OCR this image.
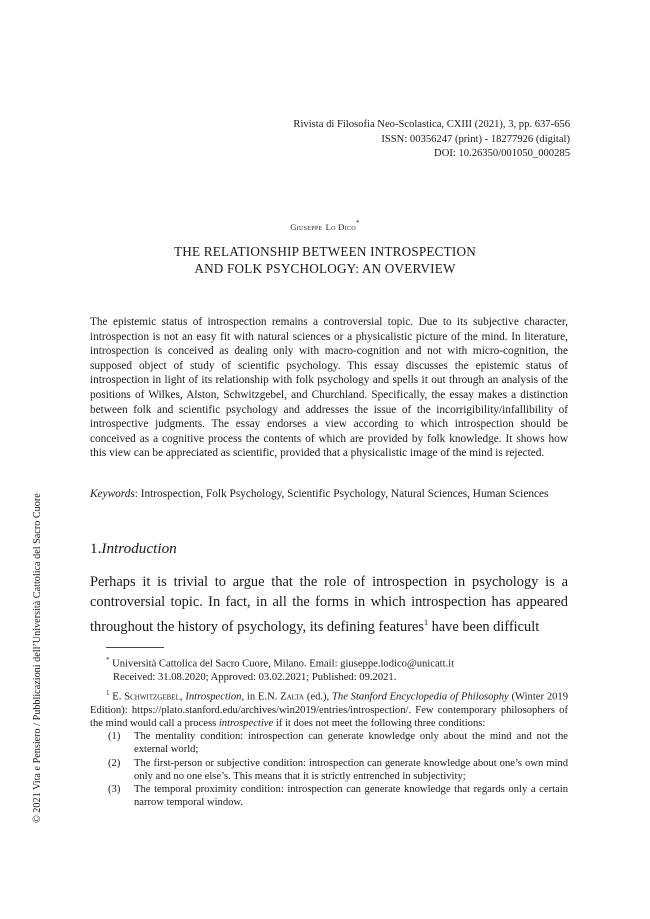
Rivista di Filosofia Neo-Scolastica, CXIII (2021), 3, pp. 637-656
ISSN: 00356247 (print) - 18277926 (digital)
DOI: 10.26350/001050_000285
Giuseppe Lo Dico*
THE RELATIONSHIP BETWEEN INTROSPECTION
AND FOLK PSYCHOLOGY: AN OVERVIEW
The epistemic status of introspection remains a controversial topic. Due to its subjective character, introspection is not an easy fit with natural sciences or a physicalistic picture of the mind. In literature, introspection is conceived as dealing only with macro-cognition and not with micro-cognition, the supposed object of study of scientific psychology. This essay discusses the epistemic status of introspection in light of its relationship with folk psychology and spells it out through an analysis of the positions of Wilkes, Alston, Schwitzgebel, and Churchland. Specifically, the essay makes a distinction between folk and scientific psychology and addresses the issue of the incorrigibility/infallibility of introspective judgments. The essay endorses a view according to which introspection should be conceived as a cognitive process the contents of which are provided by folk knowledge. It shows how this view can be appreciated as scientific, provided that a physicalistic image of the mind is rejected.
Keywords: Introspection, Folk Psychology, Scientific Psychology, Natural Sciences, Human Sciences
1.Introduction
Perhaps it is trivial to argue that the role of introspection in psychology is a controversial topic. In fact, in all the forms in which introspection has appeared throughout the history of psychology, its defining features$^1$ have been difficult
* Università Cattolica del Sacro Cuore, Milano. Email: giuseppe.lodico@unicatt.it
Received: 31.08.2020; Approved: 03.02.2021; Published: 09.2021.
$^1$ E. Schwitzgebel, Introspection, in E.N. Zalta (ed.), The Stanford Encyclopedia of Philosophy (Winter 2019 Edition): https://plato.stanford.edu/archives/win2019/entries/introspection/. Few contemporary philosophers of the mind would call a process introspective if it does not meet the following three conditions:
(1)	The mentality condition: introspection can generate knowledge only about the mind and not the external world;
(2)	The first-person or subjective condition: introspection can generate knowledge about one’s own mind only and no one else’s. This means that it is strictly entrenched in subjectivity;
(3)	The temporal proximity condition: introspection can generate knowledge that regards only a certain narrow temporal window.
© 2021 Vita e Pensiero / Pubblicazioni dell’Università Cattolica del Sacro Cuore
